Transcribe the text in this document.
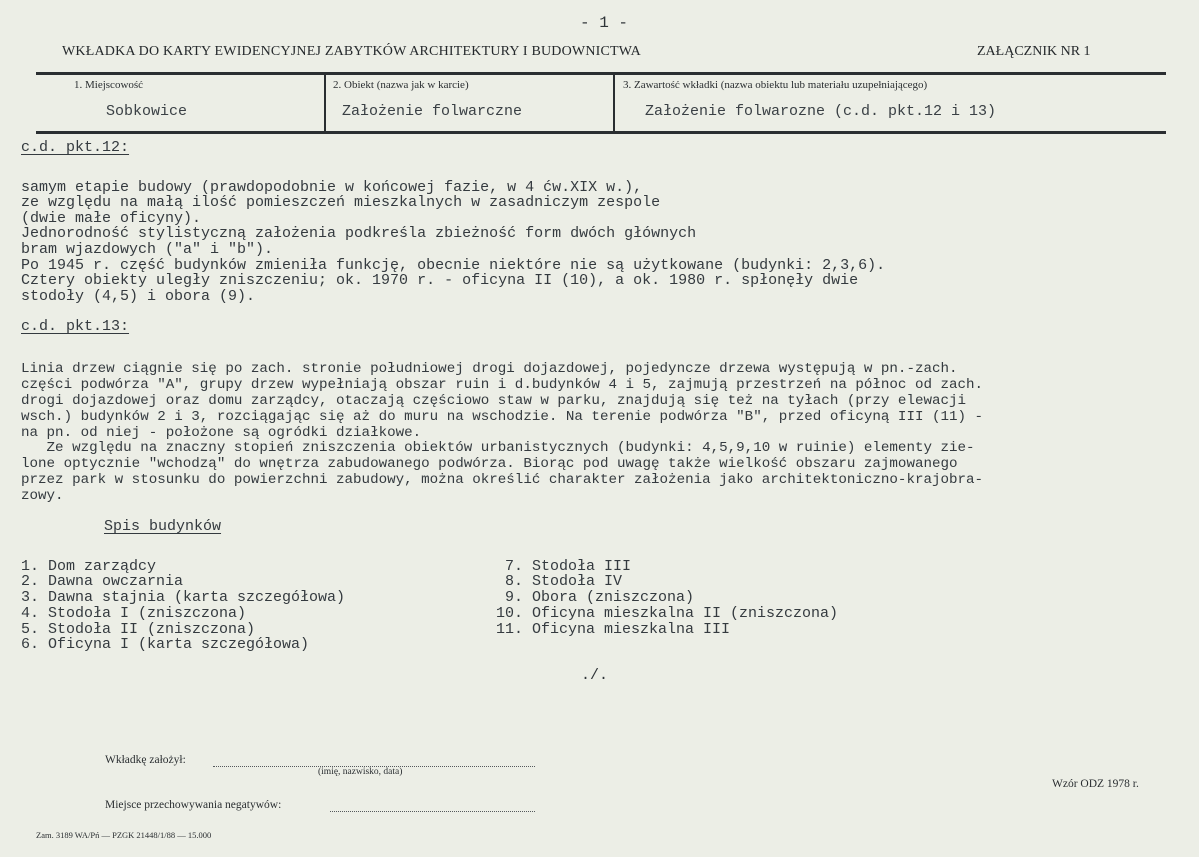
- 1 -
WKŁADKA DO KARTY EWIDENCYJNEJ ZABYTKÓW ARCHITEKTURY I BUDOWNICTWA	ZAŁĄCZNIK NR 1
1. Miejscowość
Sobkowice
2. Obiekt (nazwa jak w karcie)
Założenie folwarczne
3. Zawartość wkładki (nazwa obiektu lub materiału uzupełniającego)
Założenie folwarozne (c.d. pkt.12 i 13)
c.d. pkt.12:

samym etapie budowy (prawdopodobnie w końcowej fazie, w 4 ćw.XIX w.),
ze względu na małą ilość pomieszczeń mieszkalnych w zasadniczym zespole
(dwie małe oficyny).
Jednorodność stylistyczną założenia podkreśla zbieżność form dwóch głównych
bram wjazdowych ("a" i "b").
Po 1945 r. część budynków zmieniła funkcję, obecnie niektóre nie są użytkowane (budynki: 2,3,6).
Cztery obiekty uległy zniszczeniu; ok. 1970 r. - oficyna II (10), a ok. 1980 r. spłonęły dwie
stodoły (4,5) i obora (9).

c.d. pkt.13:

Linia drzew ciągnie się po zach. stronie południowej drogi dojazdowej, pojedyncze drzewa występują w pn.-zach.
części podwórza "A", grupy drzew wypełniają obszar ruin i d.budynków 4 i 5, zajmują przestrzeń na północ od zach.
drogi dojazdowej oraz domu zarządcy, otaczają częściowo staw w parku, znajdują się też na tyłach (przy elewacji
wsch.) budynków 2 i 3, rozciągając się aż do muru na wschodzie. Na terenie podwórza "B", przed oficyną III (11) -
na pn. od niej - położone są ogródki działkowe.
Ze względu na znaczny stopień zniszczenia obiektów urbanistycznych (budynki: 4,5,9,10 w ruinie) elementy zie-
lone optycznie "wchodzą" do wnętrza zabudowanego podwórza. Biorąc pod uwagę także wielkość obszaru zajmowanego
przez park w stosunku do powierzchni zabudowy, można określić charakter założenia jako architektoniczno-krajobra-
zowy.

Spis budynków

1. Dom zarządcy
2. Dawna owczarnia
3. Dawna stajnia (karta szczegółowa)
4. Stodoła I (zniszczona)
5. Stodoła II (zniszczona)
6. Oficyna I (karta szczegółowa)

7. Stodoła III
8. Stodoła IV
9. Obora (zniszczona)
10. Oficyna mieszkalna II (zniszczona)
11. Oficyna mieszkalna III

./.
Wkładkę założył:
(imię, nazwisko, data)
Wzór ODZ 1978 r.
Miejsce przechowywania negatywów:
Zam. 3189 WA/Pń — PZGK 21448/1/88 — 15.000
